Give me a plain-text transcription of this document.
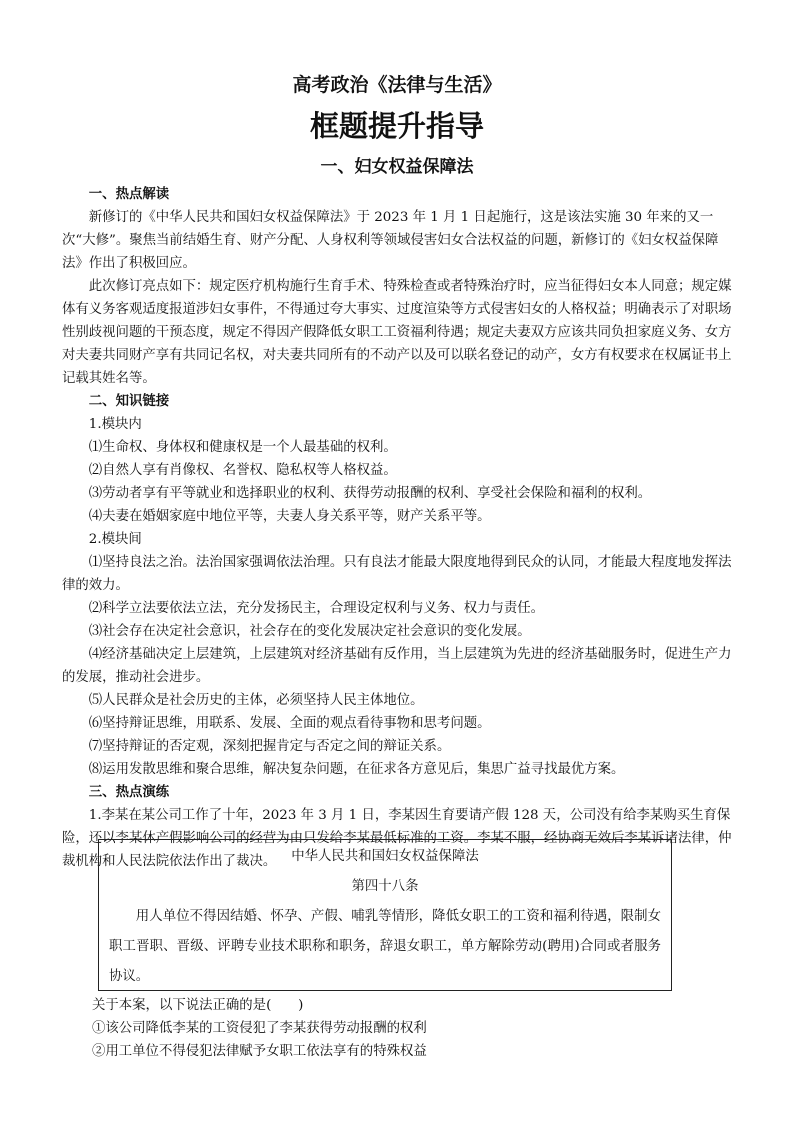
高考政治《法律与生活》
框题提升指导
一、妇女权益保障法

一、热点解读

新修订的《中华人民共和国妇女权益保障法》于 2023 年 1 月 1 日起施行，这是该法实施 30 年来的又一次“大修”。聚焦当前结婚生育、财产分配、人身权利等领域侵害妇女合法权益的问题，新修订的《妇女权益保障法》作出了积极回应。

此次修订亮点如下：规定医疗机构施行生育手术、特殊检查或者特殊治疗时，应当征得妇女本人同意；规定媒体有义务客观适度报道涉妇女事件，不得通过夸大事实、过度渲染等方式侵害妇女的人格权益；明确表示了对职场性别歧视问题的干预态度，规定不得因产假降低女职工工资福利待遇；规定夫妻双方应该共同负担家庭义务、女方对夫妻共同财产享有共同记名权，对夫妻共同所有的不动产以及可以联名登记的动产，女方有权要求在权属证书上记载其姓名等。

二、知识链接

1.模块内

⑴生命权、身体权和健康权是一个人最基础的权利。

⑵自然人享有肖像权、名誉权、隐私权等人格权益。

⑶劳动者享有平等就业和选择职业的权利、获得劳动报酬的权利、享受社会保险和福利的权利。

⑷夫妻在婚姻家庭中地位平等，夫妻人身关系平等，财产关系平等。

2.模块间

⑴坚持良法之治。法治国家强调依法治理。只有良法才能最大限度地得到民众的认同，才能最大程度地发挥法律的效力。

⑵科学立法要依法立法，充分发扬民主，合理设定权利与义务、权力与责任。

⑶社会存在决定社会意识，社会存在的变化发展决定社会意识的变化发展。

⑷经济基础决定上层建筑，上层建筑对经济基础有反作用，当上层建筑为先进的经济基础服务时，促进生产力的发展，推动社会进步。

⑸人民群众是社会历史的主体，必须坚持人民主体地位。

⑹坚持辩证思维，用联系、发展、全面的观点看待事物和思考问题。

⑺坚持辩证的否定观，深刻把握肯定与否定之间的辩证关系。

⑻运用发散思维和聚合思维，解决复杂问题，在征求各方意见后，集思广益寻找最优方案。

三、热点演练

1.李某在某公司工作了十年，2023 年 3 月 1 日，李某因生育要请产假 128 天，公司没有给李某购买生育保险，还以李某休产假影响公司的经营为由只发给李某最低标准的工资。李某不服，经协商无效后李某诉诸法律，仲裁机构和人民法院依法作出了裁决。	中华人民共和国妇女权益保障法
第四十八条
用人单位不得因结婚、怀孕、产假、哺乳等情形，降低女职工的工资和福利待遇，限制女职工晋职、晋级、评聘专业技术职称和职务，辞退女职工，单方解除劳动(聘用)合同或者服务协议。

关于本案，以下说法正确的是(　　)

①该公司降低李某的工资侵犯了李某获得劳动报酬的权利

②用工单位不得侵犯法律赋予女职工依法享有的特殊权益
